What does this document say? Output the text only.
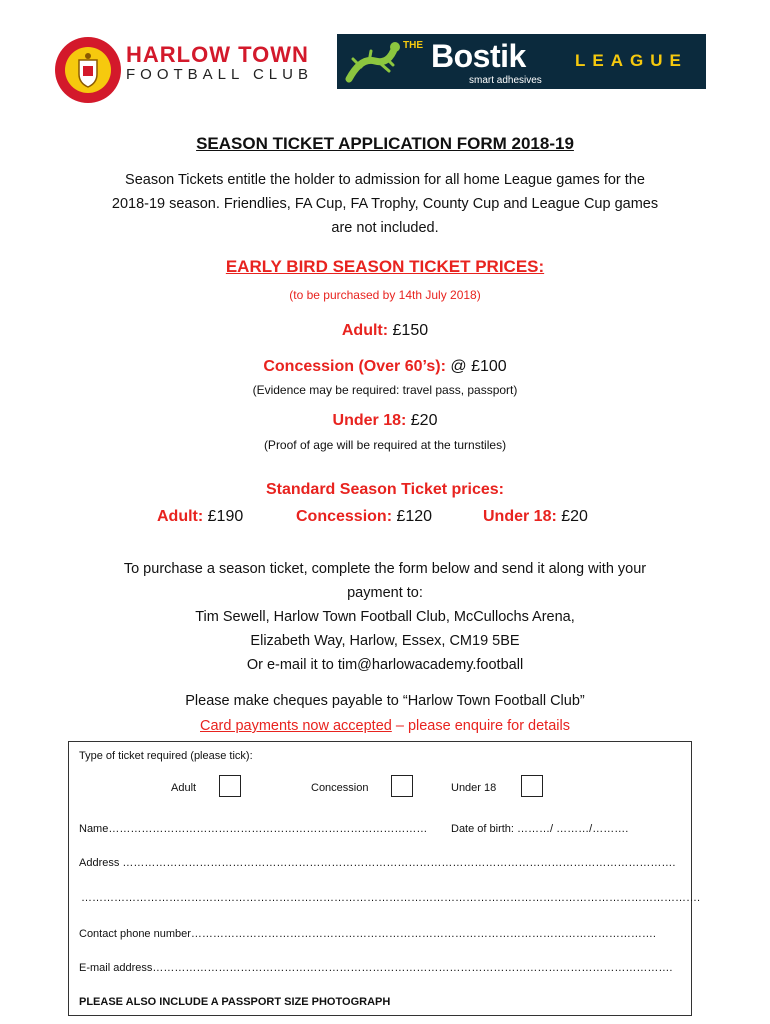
HARLOW TOWN
FOOTBALL CLUB
THE Bostik	LEAGUE
smart adhesives
SEASON TICKET APPLICATION FORM 2018-19
Season Tickets entitle the holder to admission for all home League games for the
2018-19 season. Friendlies, FA Cup, FA Trophy, County Cup and League Cup games
are not included.
EARLY BIRD SEASON TICKET PRICES:
(to be purchased by 14th July 2018)
Adult: £150
Concession (Over 60’s): @ £100
(Evidence may be required: travel pass, passport)
Under 18: £20
(Proof of age will be required at the turnstiles)
Standard Season Ticket prices:
Adult: £190	Concession: £120	Under 18: £20
To purchase a season ticket, complete the form below and send it along with your
payment to:
Tim Sewell, Harlow Town Football Club, McCullochs Arena,
Elizabeth Way, Harlow, Essex, CM19 5BE
Or e-mail it to tim@harlowacademy.football
Please make cheques payable to “Harlow Town Football Club”
Card payments now accepted – please enquire for details
Type of ticket required (please tick):
Adult	Concession	Under 18
Name…………………………………………………………………………… Date of birth: ………/ ………/……….
Address …………………………………………………………………………………………………………………………………….
…………………………………………………………………………………………………………………………………………………….
Contact phone number……………………………………………………………………………………………………………….
E-mail address…………………………………………………………………………………………………………………………….
PLEASE ALSO INCLUDE A PASSPORT SIZE PHOTOGRAPH
